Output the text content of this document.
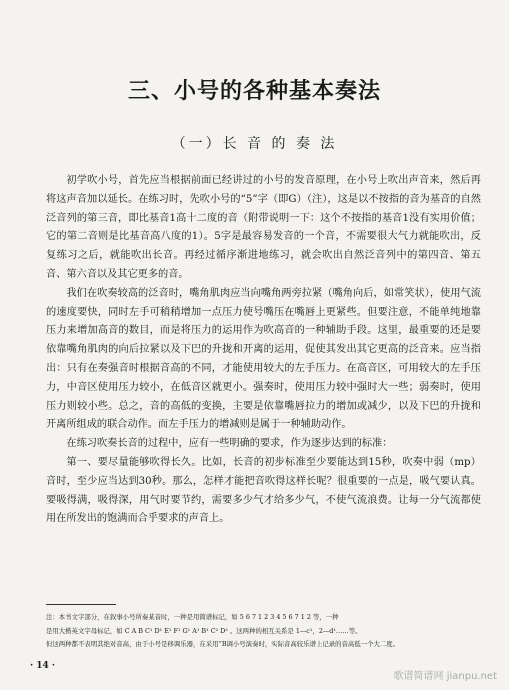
三、小号的各种基本奏法
（一）长 音 的 奏 法

初学吹小号，首先应当根据前面已经讲过的小号的发音原理，在小号上吹出声音来，然后再将这声音加以延长。在练习时，先吹小号的“5”字（即G）（注），这是以不按指的音为基音的自然泛音列的第三音，即比基音1高十二度的音（附带说明一下：这个不按指的基音1没有实用价值；它的第二音则是比基音高八度的1）。5字是最容易发音的一个音，不需要很大气力就能吹出，反复练习之后，就能吹出长音。再经过循序渐进地练习，就会吹出自然泛音列中的第四音、第五音、第六音以及其它更多的音。

我们在吹奏较高的泛音时，嘴角肌肉应当向嘴角两旁拉紧（嘴角向后，如常笑状），使用气流的速度要快，同时左手可稍稍增加一点压力使号嘴压在嘴唇上更紧些。但要注意，不能单纯地靠压力来增加高音的数目，而是将压力的运用作为吹高音的一种辅助手段。这里，最重要的还是要依靠嘴角肌肉的向后拉紧以及下巴的升拢和开离的运用，促使其发出其它更高的泛音来。应当指出：只有在奏强音时根据音高的不同，才能使用较大的左手压力。在高音区，可用较大的左手压力，中音区使用压力较小，在低音区就更小。强奏时，使用压力较中强时大一些；弱奏时，使用压力则较小些。总之，音的高低的变换，主要是依靠嘴唇拉力的增加或减少，以及下巴的升拢和开离所组成的联合动作。而左手压力的增减则是属于一种辅助动作。

在练习吹奏长音的过程中，应有一些明确的要求，作为逐步达到的标准：

第一、要尽量能够吹得长久。比如，长音的初步标准至少要能达到15秒，吹奏中弱（mp）音时，至少应当达到30秒。那么，怎样才能把音吹得这样长呢？很重要的一点是，吸气要认真。要吸得满，吸得深，用气时要节约，需要多少气才给多少气，不使气流浪费。让每一分气流都使用在所发出的饱满而合乎要求的声音上。

注：本书文字部分，在叙事小号所奏某音时，一种是用简谱标记，如 5 6 7 1 2 3 4 5 6 7 1 2 等，一种
是用大楷英文字母标记，如 C A B C¹ D¹ E¹ F¹ G¹ A¹ B¹ C² D² 。这两种的相互关系是 1—c¹，2—d¹……等。
但这两种都不表明其绝对音高，由于小号是移调乐器，在采用“B调小号演奏时，实际音高较乐谱上记录的音高低一个大二度。
· 14 ·
歌谱简谱网 jianpu.net
